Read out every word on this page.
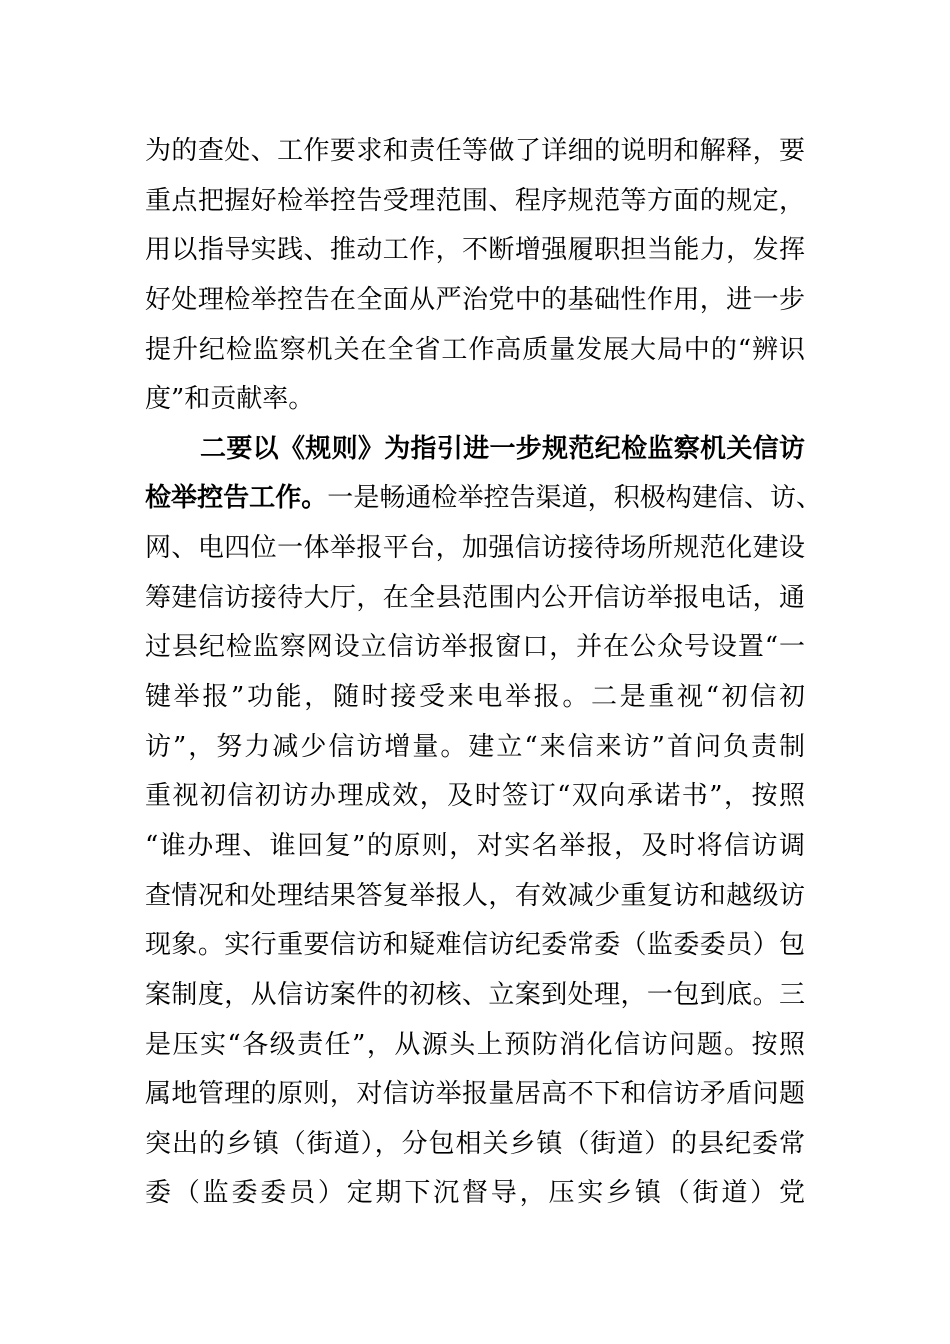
为的查处、工作要求和责任等做了详细的说明和解释，要
重点把握好检举控告受理范围、程序规范等方面的规定，
用以指导实践、推动工作，不断增强履职担当能力，发挥
好处理检举控告在全面从严治党中的基础性作用，进一步
提升纪检监察机关在全省工作高质量发展大局中的“辨识
度”和贡献率。
二要以《规则》为指引进一步规范纪检监察机关信访
检举控告工作。一是畅通检举控告渠道，积极构建信、访、
网、电四位一体举报平台，加强信访接待场所规范化建设
筹建信访接待大厅，在全县范围内公开信访举报电话，通
过县纪检监察网设立信访举报窗口，并在公众号设置“一
键举报”功能，随时接受来电举报。二是重视“初信初
访”，努力减少信访增量。建立“来信来访”首问负责制
重视初信初访办理成效，及时签订“双向承诺书”，按照
“谁办理、谁回复”的原则，对实名举报，及时将信访调
查情况和处理结果答复举报人，有效减少重复访和越级访
现象。实行重要信访和疑难信访纪委常委（监委委员）包
案制度，从信访案件的初核、立案到处理，一包到底。三
是压实“各级责任”，从源头上预防消化信访问题。按照
属地管理的原则，对信访举报量居高不下和信访矛盾问题
突出的乡镇（街道），分包相关乡镇（街道）的县纪委常
委（监委委员）定期下沉督导，压实乡镇（街道）党
